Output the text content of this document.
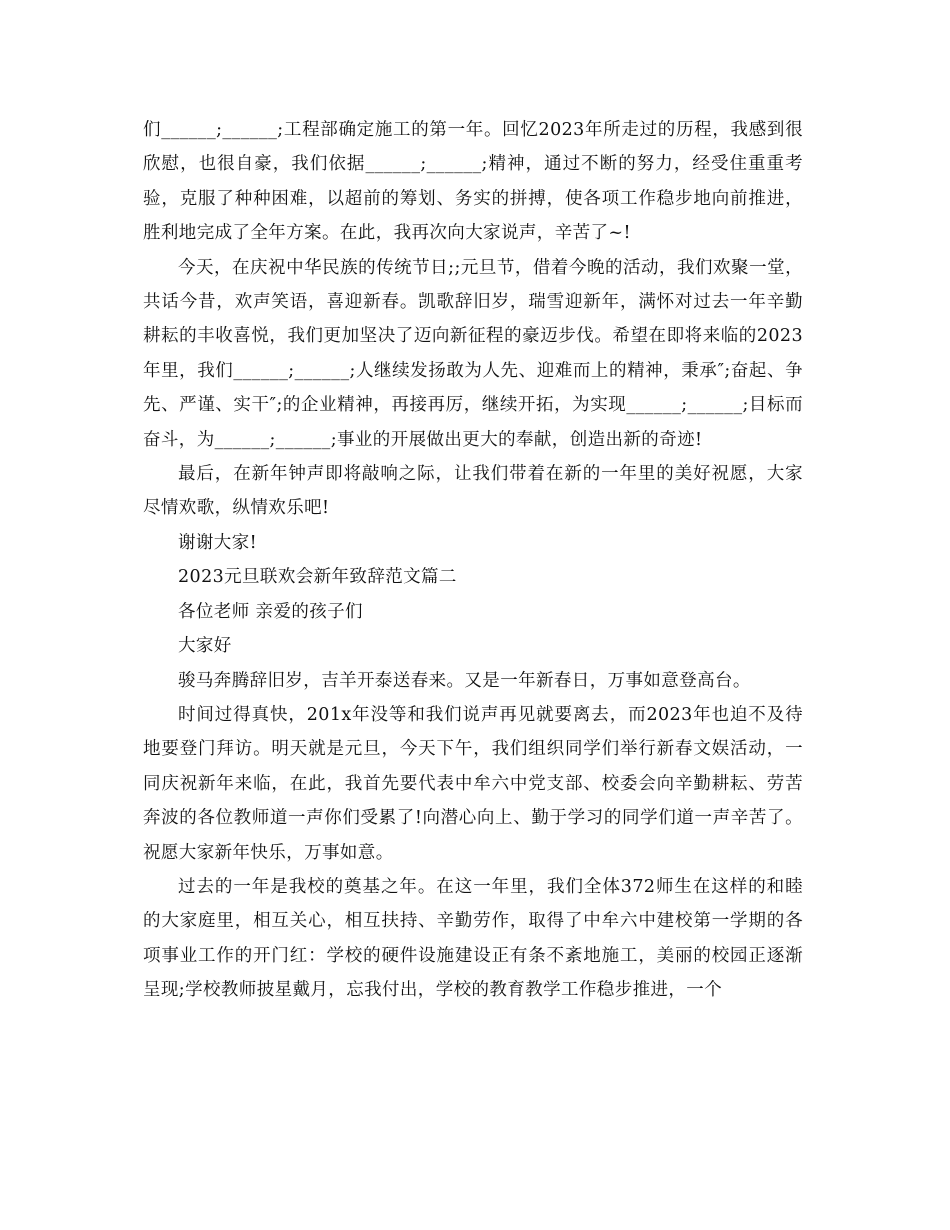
们______;______;工程部确定施工的第一年。回忆2023年所走过的历程，我感到很欣慰，也很自豪，我们依据______;______;精神，通过不断的努力，经受住重重考验，克服了种种困难，以超前的筹划、务实的拼搏，使各项工作稳步地向前推进，胜利地完成了全年方案。在此，我再次向大家说声，辛苦了~!

今天，在庆祝中华民族的传统节日;;元旦节，借着今晚的活动，我们欢聚一堂，共话今昔，欢声笑语，喜迎新春。凯歌辞旧岁，瑞雪迎新年，满怀对过去一年辛勤耕耘的丰收喜悦，我们更加坚决了迈向新征程的豪迈步伐。希望在即将来临的2023年里，我们______;______;人继续发扬敢为人先、迎难而上的精神，秉承″;奋起、争先、严谨、实干″;的企业精神，再接再厉，继续开拓，为实现______;______;目标而奋斗，为______;______;事业的开展做出更大的奉献，创造出新的奇迹!

最后，在新年钟声即将敲响之际，让我们带着在新的一年里的美好祝愿，大家尽情欢歌，纵情欢乐吧!

谢谢大家!

2023元旦联欢会新年致辞范文篇二

各位老师 亲爱的孩子们

大家好

骏马奔腾辞旧岁，吉羊开泰送春来。又是一年新春日，万事如意登高台。

时间过得真快，201x年没等和我们说声再见就要离去，而2023年也迫不及待地要登门拜访。明天就是元旦，今天下午，我们组织同学们举行新春文娱活动，一同庆祝新年来临，在此，我首先要代表中牟六中党支部、校委会向辛勤耕耘、劳苦奔波的各位教师道一声你们受累了!向潜心向上、勤于学习的同学们道一声辛苦了。祝愿大家新年快乐，万事如意。

过去的一年是我校的奠基之年。在这一年里，我们全体372师生在这样的和睦的大家庭里，相互关心，相互扶持、辛勤劳作，取得了中牟六中建校第一学期的各项事业工作的开门红：学校的硬件设施建设正有条不紊地施工，美丽的校园正逐渐呈现;学校教师披星戴月，忘我付出，学校的教育教学工作稳步推进，一个
